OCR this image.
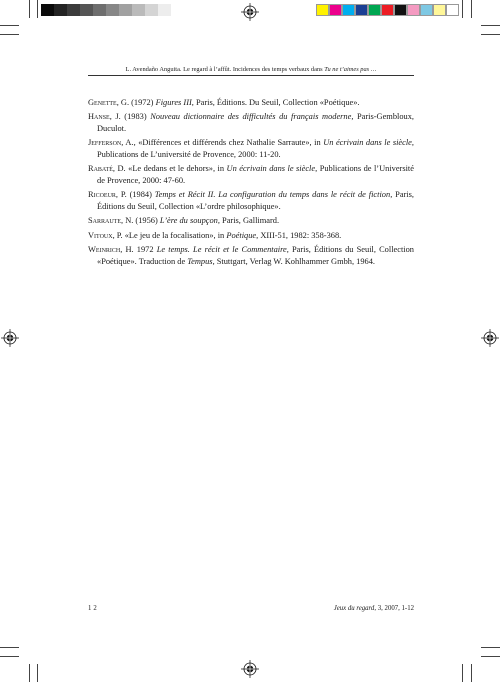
L. Avendaño Anguita. Le regard à l’affût. Incidences des temps verbaux dans Tu ne t’aimes pas …

Genette, G. (1972) Figures III, Paris, Éditions. Du Seuil, Collection «Poétique».

Hanse, J. (1983) Nouveau dictionnaire des difficultés du français moderne, Paris-Gembloux, Duculot.

Jefferson, A., «Différences et différends chez Nathalie Sarraute», in Un écrivain dans le siècle, Publications de L’université de Provence, 2000: 11-20.

Rabaté, D. «Le dedans et le dehors», in Un écrivain dans le siècle, Publications de l’Université de Provence, 2000: 47-60.

Ricoeur, P. (1984) Temps et Récit II. La configuration du temps dans le récit de fiction, Paris, Éditions du Seuil, Collection «L’ordre philosophique».

Sarraute, N. (1956) L’ère du soupçon, Paris, Gallimard.

Vitoux, P. «Le jeu de la focalisation», in Poétique, XIII-51, 1982: 358-368.

Weinrich, H. 1972 Le temps. Le récit et le Commentaire, Paris, Éditions du Seuil, Collection «Poétique». Traduction de Tempus, Stuttgart, Verlag W. Kohlhammer Gmbh, 1964.

12	Jeux du regard, 3, 2007, 1-12
